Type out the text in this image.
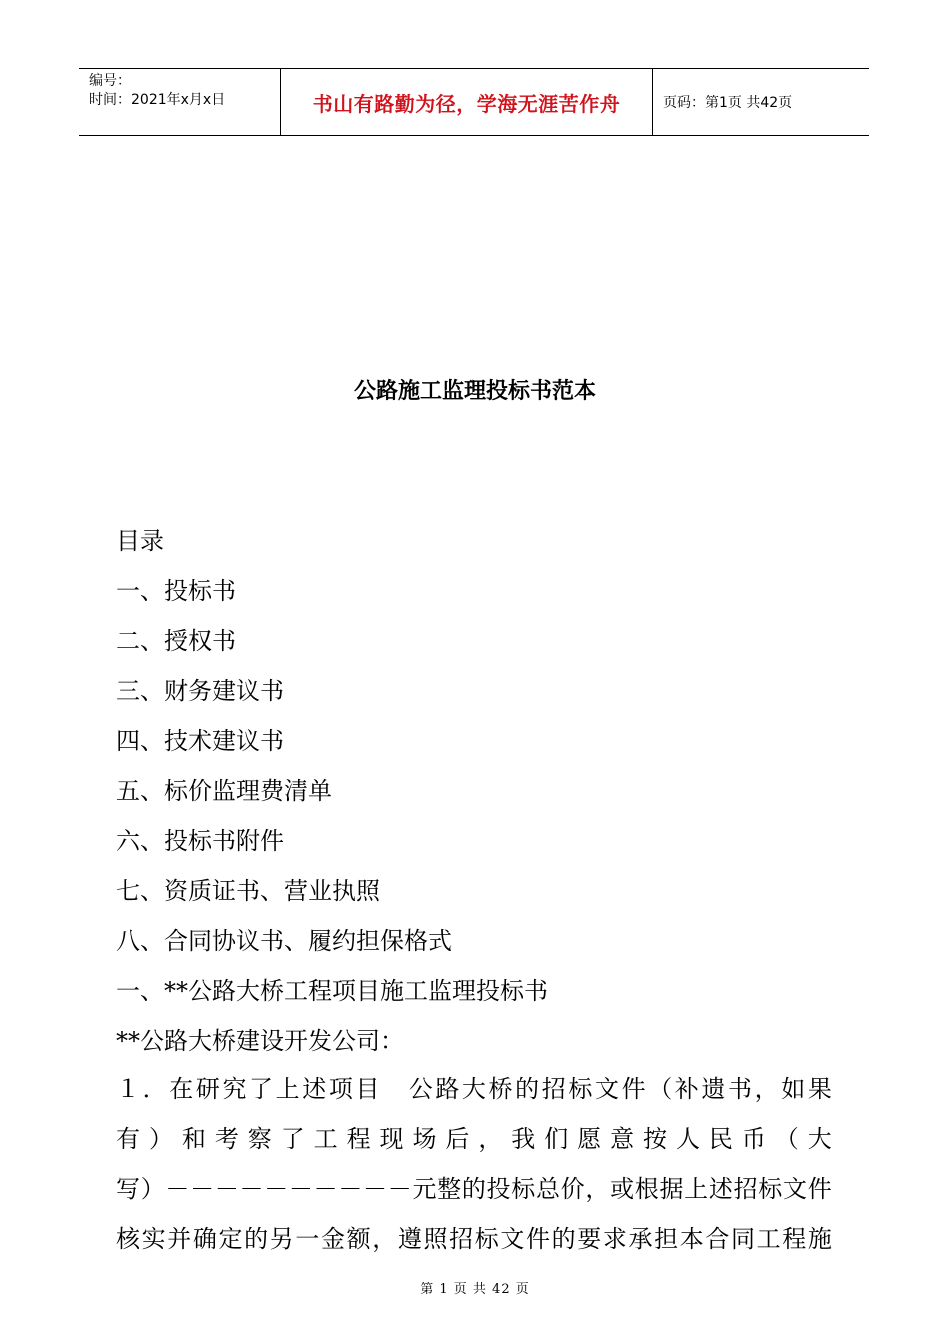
编号：
时间：2021年x月x日	书山有路勤为径，学海无涯苦作舟	页码：第1页 共42页
公路施工监理投标书范本
目录
一、投标书
二、授权书
三、财务建议书
四、技术建议书
五、标价监理费清单
六、投标书附件
七、资质证书、营业执照
八、合同协议书、履约担保格式
一、**公路大桥工程项目施工监理投标书
**公路大桥建设开发公司：
１ ． 在 研 究 了 上 述 项 目
　 公 路 大 桥 的 招 标 文 件 （ 补 遗 书 ， 如 果
有 ） 和 考 察 了 工 程 现 场 后 ， 我 们 愿 意 按 人 民 币 （ 大
写 ） － － － － － － － － － － 元 整 的 投 标 总 价 ， 或 根 据 上 述 招 标 文 件
核 实 并 确 定 的 另 一 金 额 ， 遵 照 招 标 文 件 的 要 求 承 担 本 合 同 工 程 施
第 1 页 共 42 页
